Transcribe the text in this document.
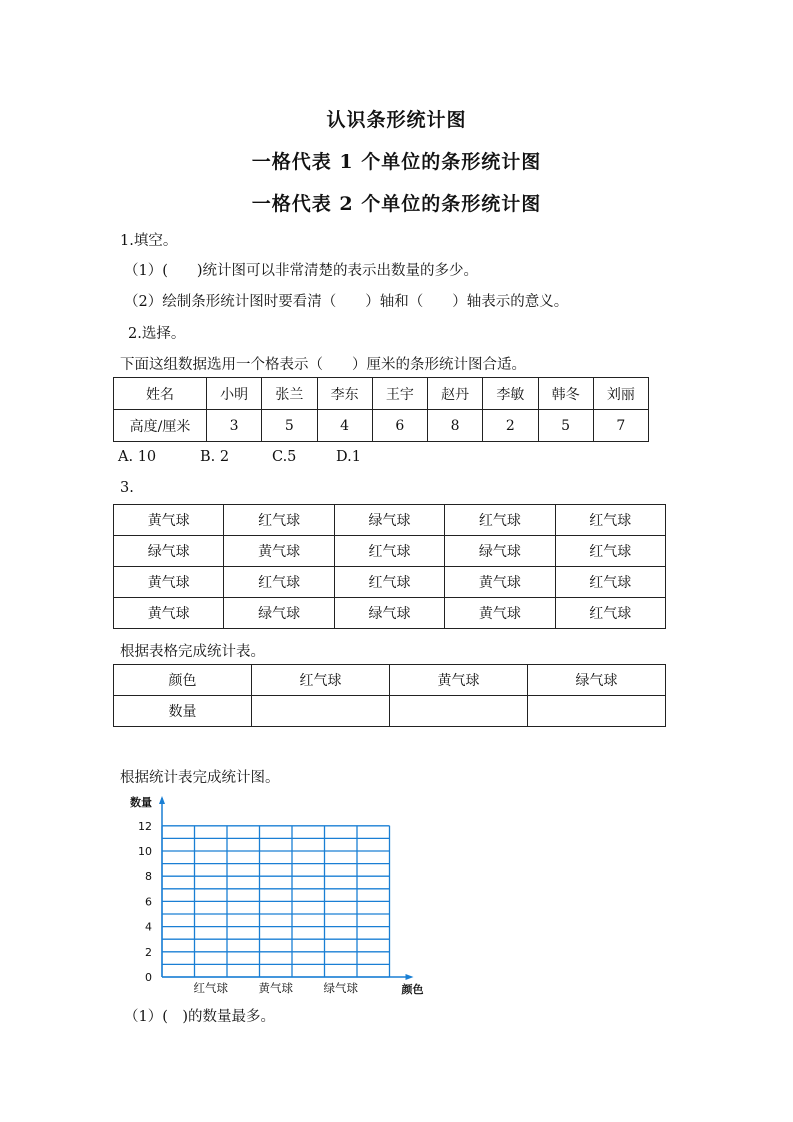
认识条形统计图
一格代表 1 个单位的条形统计图
一格代表 2 个单位的条形统计图
1.填空。
（1）(　　)统计图可以非常清楚的表示出数量的多少。
（2）绘制条形统计图时要看清（　　）轴和（　　）轴表示的意义。
2.选择。
下面这组数据选用一个格表示（　　）厘米的条形统计图合适。
姓名	小明	张兰	李东	王宇	赵丹	李敏	韩冬	刘丽
高度/厘米	3	5	4	6	8	2	5	7
A. 10	B. 2	C.5	D.1
3.
黄气球	红气球	绿气球	红气球	红气球
绿气球	黄气球	红气球	绿气球	红气球
黄气球	红气球	红气球	黄气球	红气球
黄气球	绿气球	绿气球	黄气球	红气球
根据表格完成统计表。
颜色	红气球	黄气球	绿气球
数量			
根据统计表完成统计图。
数量
0
2
4
6
8
10
12
红气球	黄气球	绿气球	颜色
（1）(　)的数量最多。
